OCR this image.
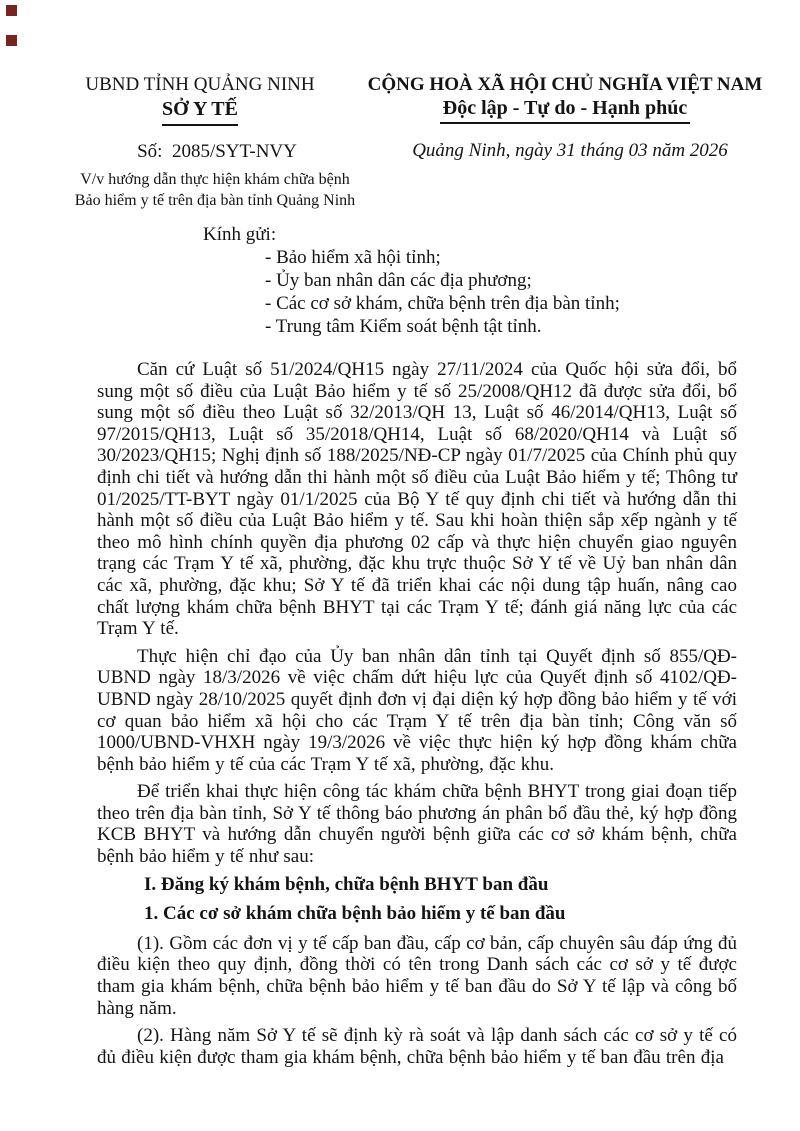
UBND TỈNH QUẢNG NINH
SỞ Y TẾ
CỘNG HOÀ XÃ HỘI CHỦ NGHĨA VIỆT NAM
Độc lập - Tự do - Hạnh phúc
Số:  2085/SYT-NVY	Quảng Ninh, ngày 31 tháng 03 năm 2026
V/v hướng dẫn thực hiện khám chữa bệnh
Bảo hiểm y tế trên địa bàn tỉnh Quảng Ninh
Kính gửi:
- Bảo hiểm xã hội tỉnh;
- Ủy ban nhân dân các địa phương;
- Các cơ sở khám, chữa bệnh trên địa bàn tỉnh;
- Trung tâm Kiểm soát bệnh tật tỉnh.

Căn cứ Luật số 51/2024/QH15 ngày 27/11/2024 của Quốc hội sửa đổi, bổ sung một số điều của Luật Bảo hiểm y tế số 25/2008/QH12 đã được sửa đổi, bổ sung một số điều theo Luật số 32/2013/QH 13, Luật số 46/2014/QH13, Luật số 97/2015/QH13, Luật số 35/2018/QH14, Luật số 68/2020/QH14 và Luật số 30/2023/QH15; Nghị định số 188/2025/NĐ-CP ngày 01/7/2025 của Chính phủ quy định chi tiết và hướng dẫn thi hành một số điều của Luật Bảo hiểm y tế; Thông tư 01/2025/TT-BYT ngày 01/1/2025 của Bộ Y tế quy định chi tiết và hướng dẫn thi hành một số điều của Luật Bảo hiểm y tế. Sau khi hoàn thiện sắp xếp ngành y tế theo mô hình chính quyền địa phương 02 cấp và thực hiện chuyển giao nguyên trạng các Trạm Y tế xã, phường, đặc khu trực thuộc Sở Y tế về Uỷ ban nhân dân các xã, phường, đặc khu; Sở Y tế đã triển khai các nội dung tập huấn, nâng cao chất lượng khám chữa bệnh BHYT tại các Trạm Y tế; đánh giá năng lực của các Trạm Y tế.

Thực hiện chỉ đạo của Ủy ban nhân dân tỉnh tại Quyết định số 855/QĐ-UBND ngày 18/3/2026 về việc chấm dứt hiệu lực của Quyết định số 4102/QĐ-UBND ngày 28/10/2025 quyết định đơn vị đại diện ký hợp đồng bảo hiểm y tế với cơ quan bảo hiểm xã hội cho các Trạm Y tế trên địa bàn tỉnh; Công văn số 1000/UBND-VHXH ngày 19/3/2026 về việc thực hiện ký hợp đồng khám chữa bệnh bảo hiểm y tế của các Trạm Y tế xã, phường, đặc khu.

Để triển khai thực hiện công tác khám chữa bệnh BHYT trong giai đoạn tiếp theo trên địa bàn tỉnh, Sở Y tế thông báo phương án phân bổ đầu thẻ, ký hợp đồng KCB BHYT và hướng dẫn chuyển người bệnh giữa các cơ sở khám bệnh, chữa bệnh bảo hiểm y tế như sau:

I. Đăng ký khám bệnh, chữa bệnh BHYT ban đầu

1. Các cơ sở khám chữa bệnh bảo hiểm y tế ban đầu

(1). Gồm các đơn vị y tế cấp ban đầu, cấp cơ bản, cấp chuyên sâu đáp ứng đủ điều kiện theo quy định, đồng thời có tên trong Danh sách các cơ sở y tế được tham gia khám bệnh, chữa bệnh bảo hiểm y tế ban đầu do Sở Y tế lập và công bố hàng năm.

(2). Hàng năm Sở Y tế sẽ định kỳ rà soát và lập danh sách các cơ sở y tế có đủ điều kiện được tham gia khám bệnh, chữa bệnh bảo hiểm y tế ban đầu trên địa
